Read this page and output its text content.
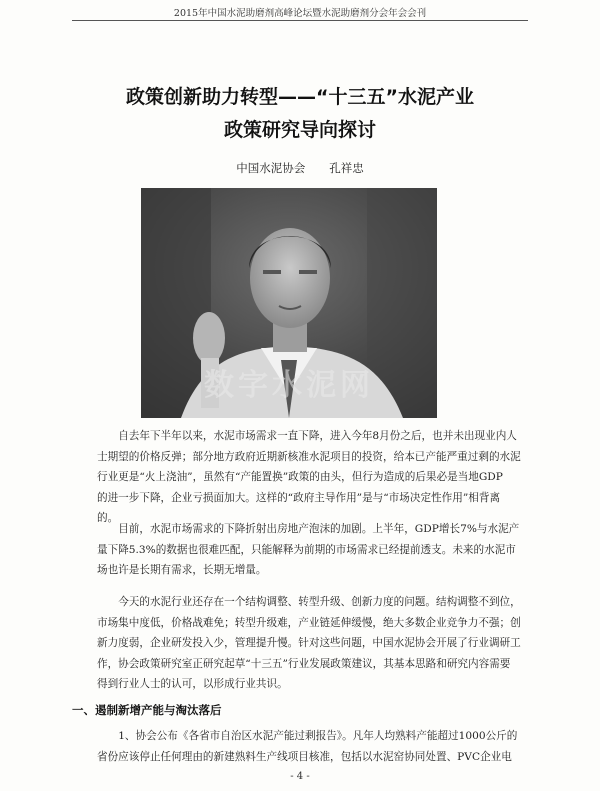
2015年中国水泥助磨剂高峰论坛暨水泥助磨剂分会年会会刊
政策创新助力转型——“十三五”水泥产业
政策研究导向探讨
中国水泥协会 孔祥忠
数字水泥网

自去年下半年以来，水泥市场需求一直下降，进入今年8月份之后，也并未出现业内人
士期望的价格反弹；部分地方政府近期新核准水泥项目的投资，给本已产能严重过剩的水泥
行业更是“火上浇油”，虽然有“产能置换”政策的由头，但行为造成的后果必是当地GDP
的进一步下降，企业亏损面加大。这样的“政府主导作用”是与“市场决定性作用”相背离
的。

目前，水泥市场需求的下降折射出房地产泡沫的加剧。上半年，GDP增长7%与水泥产
量下降5.3%的数据也很难匹配，只能解释为前期的市场需求已经提前透支。未来的水泥市
场也许是长期有需求，长期无增量。

今天的水泥行业还存在一个结构调整、转型升级、创新力度的问题。结构调整不到位，
市场集中度低，价格战难免；转型升级难，产业链延伸缓慢，绝大多数企业竞争力不强；创
新力度弱，企业研发投入少，管理提升慢。针对这些问题，中国水泥协会开展了行业调研工
作，协会政策研究室正研究起草“十三五”行业发展政策建议，其基本思路和研究内容需要
得到行业人士的认可，以形成行业共识。

一、遏制新增产能与淘汰落后

1、协会公布《各省市自治区水泥产能过剩报告》。凡年人均熟料产能超过1000公斤的
省份应该停止任何理由的新建熟料生产线项目核准，包括以水泥窑协同处置、PVC企业电

- 4 -
